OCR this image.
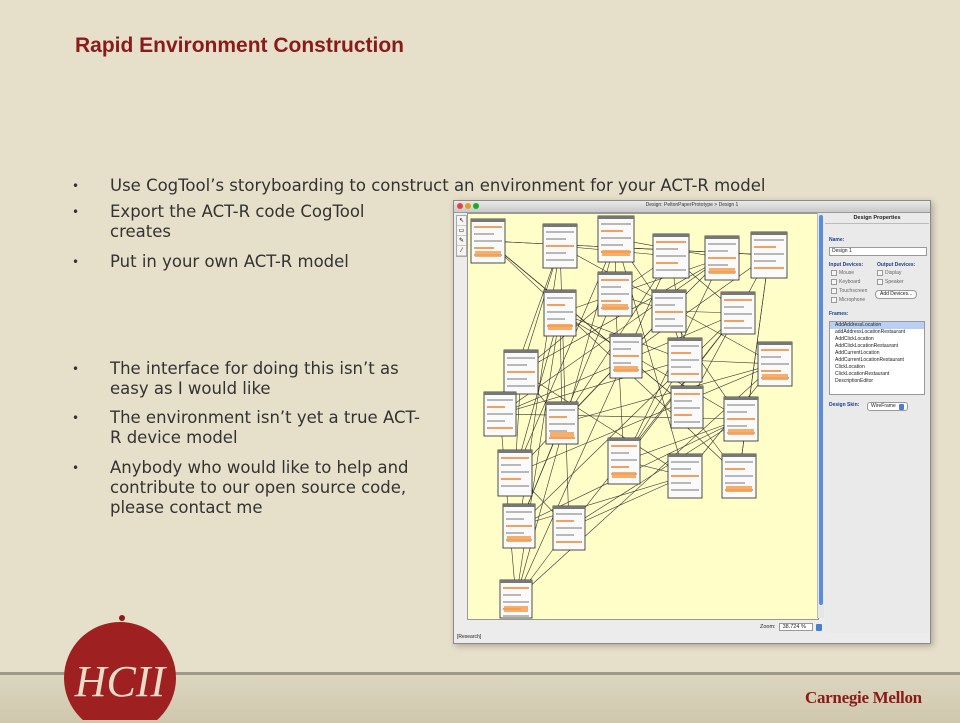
Rapid Environment Construction
• Use CogTool’s storyboarding to construct an environment for your ACT-R model
• Export the ACT-R code CogTool creates
• Put in your own ACT-R model
• The interface for doing this isn’t as easy as I would like
• The environment isn’t yet a true ACT-R device model
• Anybody who would like to help and contribute to our open source code, please contact me
Design: PeltonPaperPrototype > Design 1
↖
▭
✎
⁄
Zoom:	38.724 %
[Research]
Design Properties
Name:
Design 1
Input Devices:	Output Devices:
Mouse
Keyboard
Touchscreen
Microphone
Display
Speaker
Add Devices...
Frames:
AddAddressLocation
addAddressLocationRestaurant
AddClickLocation
AddClickLocationRestaurant
AddCurrentLocation
AddCurrentLocationRestaurant
ClickLocation
ClickLocationRestaurant
DescriptionEditor
Design Skin: WireFrame
HCII	Carnegie Mellon
